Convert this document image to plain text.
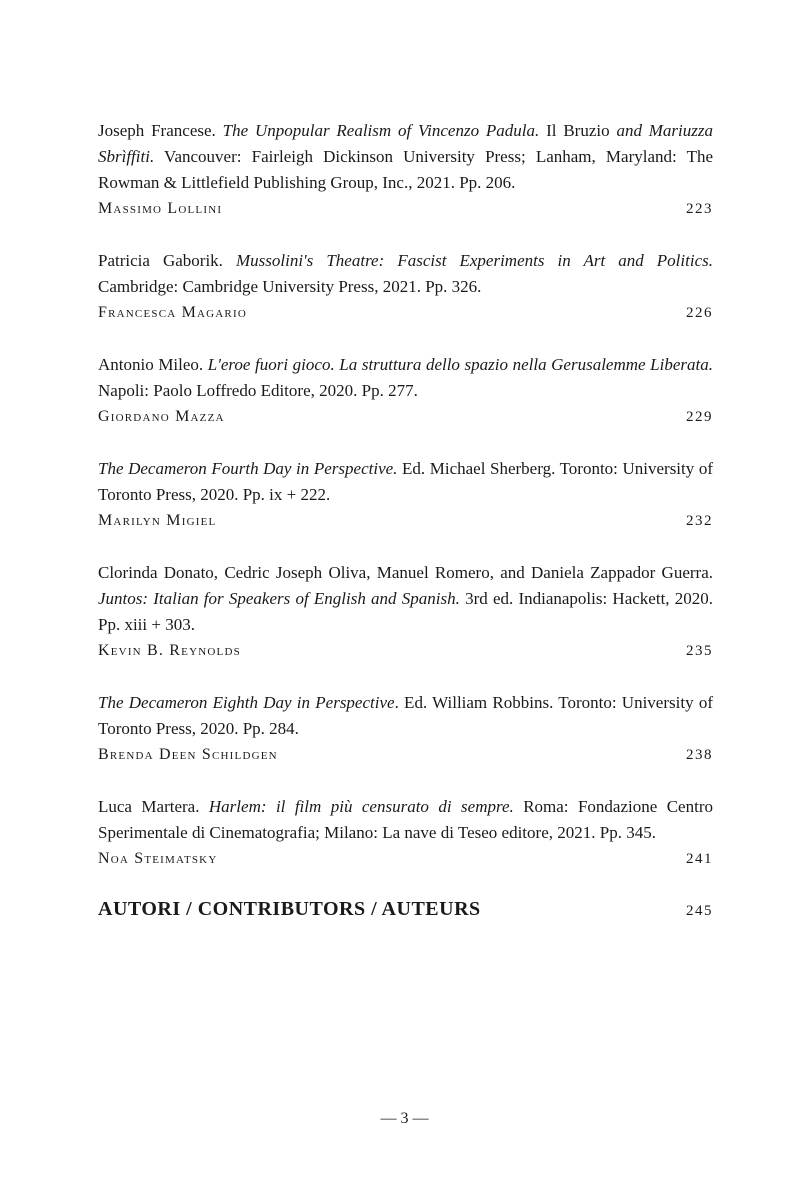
Joseph Francese. The Unpopular Realism of Vincenzo Padula. Il Bruzio and Mariuzza Sbrìffiti. Vancouver: Fairleigh Dickinson University Press; Lanham, Maryland: The Rowman & Littlefield Publishing Group, Inc., 2021. Pp. 206.

Massimo Lollini	223

Patricia Gaborik. Mussolini's Theatre: Fascist Experiments in Art and Politics. Cambridge: Cambridge University Press, 2021. Pp. 326.

Francesca Magario	226

Antonio Mileo. L'eroe fuori gioco. La struttura dello spazio nella Gerusalemme Liberata. Napoli: Paolo Loffredo Editore, 2020. Pp. 277.

Giordano Mazza	229

The Decameron Fourth Day in Perspective. Ed. Michael Sherberg. Toronto: University of Toronto Press, 2020. Pp. ix + 222.

Marilyn Migiel	232

Clorinda Donato, Cedric Joseph Oliva, Manuel Romero, and Daniela Zappador Guerra. Juntos: Italian for Speakers of English and Spanish. 3rd ed. Indianapolis: Hackett, 2020. Pp. xiii + 303.

Kevin B. Reynolds	235

The Decameron Eighth Day in Perspective. Ed. William Robbins. Toronto: University of Toronto Press, 2020. Pp. 284.

Brenda Deen Schildgen	238

Luca Martera. Harlem: il film più censurato di sempre. Roma: Fondazione Centro Sperimentale di Cinematografia; Milano: La nave di Teseo editore, 2021. Pp. 345.

Noa Steimatsky	241
AUTORI / CONTRIBUTORS / AUTEURS	245
— 3 —
